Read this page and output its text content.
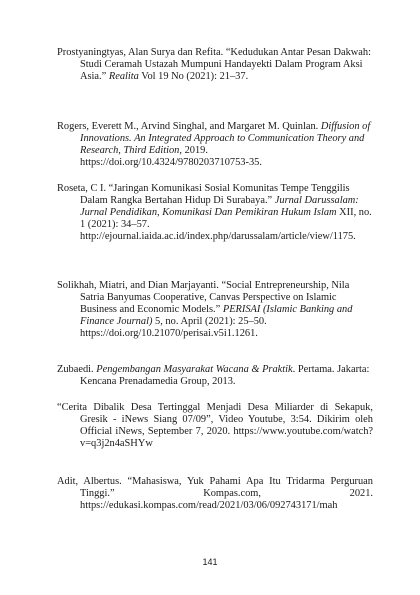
Prostyaningtyas, Alan Surya dan Refita. “Kedudukan Antar Pesan Dakwah: Studi Ceramah Ustazah Mumpuni Handayekti Dalam Program Aksi Asia.” Realita Vol 19 No (2021): 21–37.

Rogers, Everett M., Arvind Singhal, and Margaret M. Quinlan. Diffusion of Innovations. An Integrated Approach to Communication Theory and Research, Third Edition, 2019. https://doi.org/10.4324/9780203710753-35.

Roseta, C I. “Jaringan Komunikasi Sosial Komunitas Tempe Tenggilis Dalam Rangka Bertahan Hidup Di Surabaya.” Jurnal Darussalam: Jurnal Pendidikan, Komunikasi Dan Pemikiran Hukum Islam XII, no. 1 (2021): 34–57. http://ejournal.iaida.ac.id/index.php/darussalam/article/view/1175.

Solikhah, Miatri, and Dian Marjayanti. “Social Entrepreneurship, Nila Satria Banyumas Cooperative, Canvas Perspective on Islamic Business and Economic Models.” PERISAI (Islamic Banking and Finance Journal) 5, no. April (2021): 25–50. https://doi.org/10.21070/perisai.v5i1.1261.

Zubaedi. Pengembangan Masyarakat Wacana & Praktik. Pertama. Jakarta: Kencana Prenadamedia Group, 2013.

“Cerita Dibalik Desa Tertinggal Menjadi Desa Miliarder di Sekapuk, Gresik - iNews Siang 07/09”, Video Youtube, 3:54. Dikirim oleh Official iNews, September 7, 2020. https://www.youtube.com/watch?v=q3j2n4aSHYw

Adit, Albertus. “Mahasiswa, Yuk Pahami Apa Itu Tridarma Perguruan Tinggi.” Kompas.com, 2021. https://edukasi.kompas.com/read/2021/03/06/092743171/mah

141
